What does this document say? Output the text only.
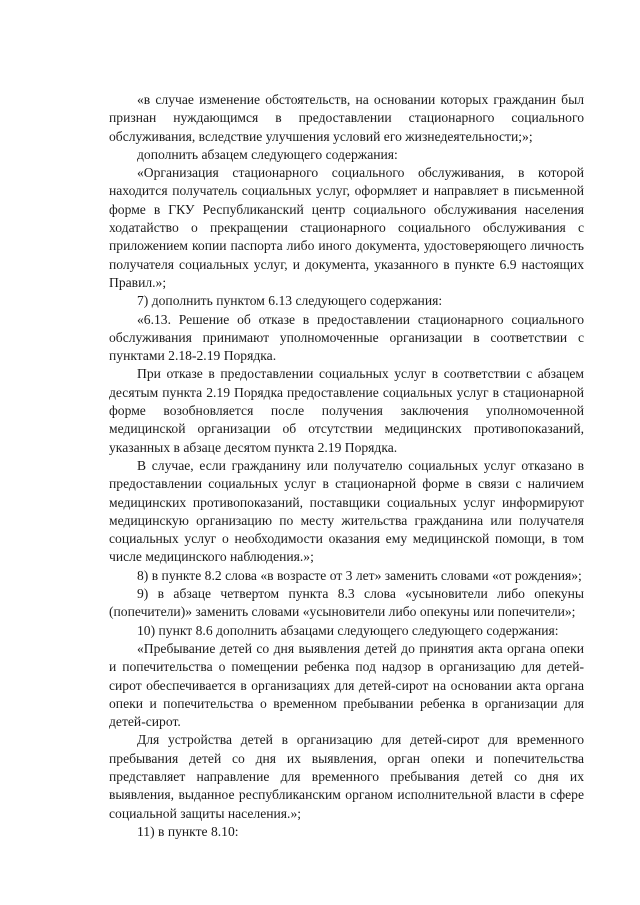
«в случае изменение обстоятельств, на основании которых гражданин был признан нуждающимся в предоставлении стационарного социального обслуживания, вследствие улучшения условий его жизнедеятельности;»;

дополнить абзацем следующего содержания:

«Организация стационарного социального обслуживания, в которой находится получатель социальных услуг, оформляет и направляет в письменной форме в ГКУ Республиканский центр социального обслуживания населения ходатайство о прекращении стационарного социального обслуживания с приложением копии паспорта либо иного документа, удостоверяющего личность получателя социальных услуг, и документа, указанного в пункте 6.9 настоящих Правил.»;

7) дополнить пунктом 6.13 следующего содержания:

«6.13. Решение об отказе в предоставлении стационарного социального обслуживания принимают уполномоченные организации в соответствии с пунктами 2.18-2.19 Порядка.

При отказе в предоставлении социальных услуг в соответствии с абзацем десятым пункта 2.19 Порядка предоставление социальных услуг в стационарной форме возобновляется после получения заключения уполномоченной медицинской организации об отсутствии медицинских противопоказаний, указанных в абзаце десятом пункта 2.19 Порядка.

В случае, если гражданину или получателю социальных услуг отказано в предоставлении социальных услуг в стационарной форме в связи с наличием медицинских противопоказаний, поставщики социальных услуг информируют медицинскую организацию по месту жительства гражданина или получателя социальных услуг о необходимости оказания ему медицинской помощи, в том числе медицинского наблюдения.»;

8) в пункте 8.2 слова «в возрасте от 3 лет» заменить словами «от рождения»;

9) в абзаце четвертом пункта 8.3 слова «усыновители либо опекуны (попечители)» заменить словами «усыновители либо опекуны или попечители»;

10) пункт 8.6 дополнить абзацами следующего следующего содержания:

«Пребывание детей со дня выявления детей до принятия акта органа опеки и попечительства о помещении ребенка под надзор в организацию для детей-сирот обеспечивается в организациях для детей-сирот на основании акта органа опеки и попечительства о временном пребывании ребенка в организации для детей-сирот.

Для устройства детей в организацию для детей-сирот для временного пребывания детей со дня их выявления, орган опеки и попечительства представляет направление для временного пребывания детей со дня их выявления, выданное республиканским органом исполнительной власти в сфере социальной защиты населения.»;

11) в пункте 8.10:
